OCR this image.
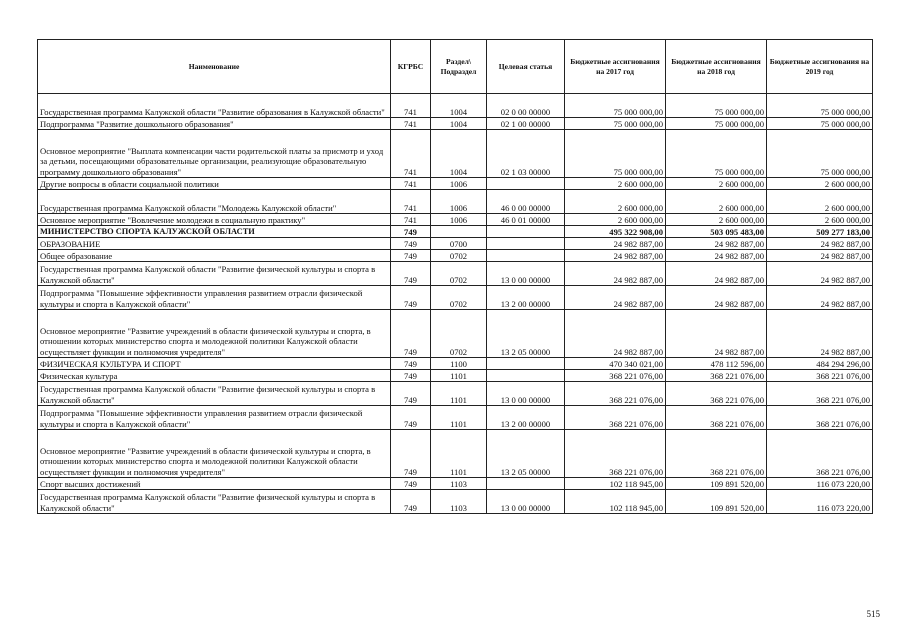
Наименование	КГРБС	Раздел\ Подраздел	Целевая статья	Бюджетные ассигнования на 2017 год	Бюджетные ассигнования на 2018 год	Бюджетные ассигнования на 2019 год
Государственная программа Калужской области "Развитие образования в Калужской области"	741	1004	02 0 00 00000	75 000 000,00	75 000 000,00	75 000 000,00
Подпрограмма "Развитие дошкольного образования"	741	1004	02 1 00 00000	75 000 000,00	75 000 000,00	75 000 000,00
Основное мероприятие "Выплата компенсации части родительской платы за присмотр и уход за детьми, посещающими образовательные организации, реализующие образовательную программу дошкольного образования"	741	1004	02 1 03 00000	75 000 000,00	75 000 000,00	75 000 000,00
Другие вопросы в области социальной политики	741	1006		2 600 000,00	2 600 000,00	2 600 000,00
Государственная программа Калужской области "Молодежь Калужской области"	741	1006	46 0 00 00000	2 600 000,00	2 600 000,00	2 600 000,00
Основное мероприятие "Вовлечение молодежи в социальную практику"	741	1006	46 0 01 00000	2 600 000,00	2 600 000,00	2 600 000,00
МИНИСТЕРСТВО СПОРТА КАЛУЖСКОЙ ОБЛАСТИ	749			495 322 908,00	503 095 483,00	509 277 183,00
ОБРАЗОВАНИЕ	749	0700		24 982 887,00	24 982 887,00	24 982 887,00
Общее образование	749	0702		24 982 887,00	24 982 887,00	24 982 887,00
Государственная программа Калужской области "Развитие физической культуры и спорта в Калужской области"	749	0702	13 0 00 00000	24 982 887,00	24 982 887,00	24 982 887,00
Подпрограмма "Повышение эффективности управления развитием отрасли физической культуры и спорта в Калужской области"	749	0702	13 2 00 00000	24 982 887,00	24 982 887,00	24 982 887,00
Основное мероприятие "Развитие учреждений в области физической культуры и спорта, в отношении которых министерство спорта и молодежной политики Калужской области осуществляет функции и полномочия учредителя"	749	0702	13 2 05 00000	24 982 887,00	24 982 887,00	24 982 887,00
ФИЗИЧЕСКАЯ КУЛЬТУРА И СПОРТ	749	1100		470 340 021,00	478 112 596,00	484 294 296,00
Физическая культура	749	1101		368 221 076,00	368 221 076,00	368 221 076,00
Государственная программа Калужской области "Развитие физической культуры и спорта в Калужской области"	749	1101	13 0 00 00000	368 221 076,00	368 221 076,00	368 221 076,00
Подпрограмма "Повышение эффективности управления развитием отрасли физической культуры и спорта в Калужской области"	749	1101	13 2 00 00000	368 221 076,00	368 221 076,00	368 221 076,00
Основное мероприятие "Развитие учреждений в области физической культуры и спорта, в отношении которых министерство спорта и молодежной политики Калужской области осуществляет функции и полномочия учредителя"	749	1101	13 2 05 00000	368 221 076,00	368 221 076,00	368 221 076,00
Спорт высших достижений	749	1103		102 118 945,00	109 891 520,00	116 073 220,00
Государственная программа Калужской области "Развитие физической культуры и спорта в Калужской области"	749	1103	13 0 00 00000	102 118 945,00	109 891 520,00	116 073 220,00
515
